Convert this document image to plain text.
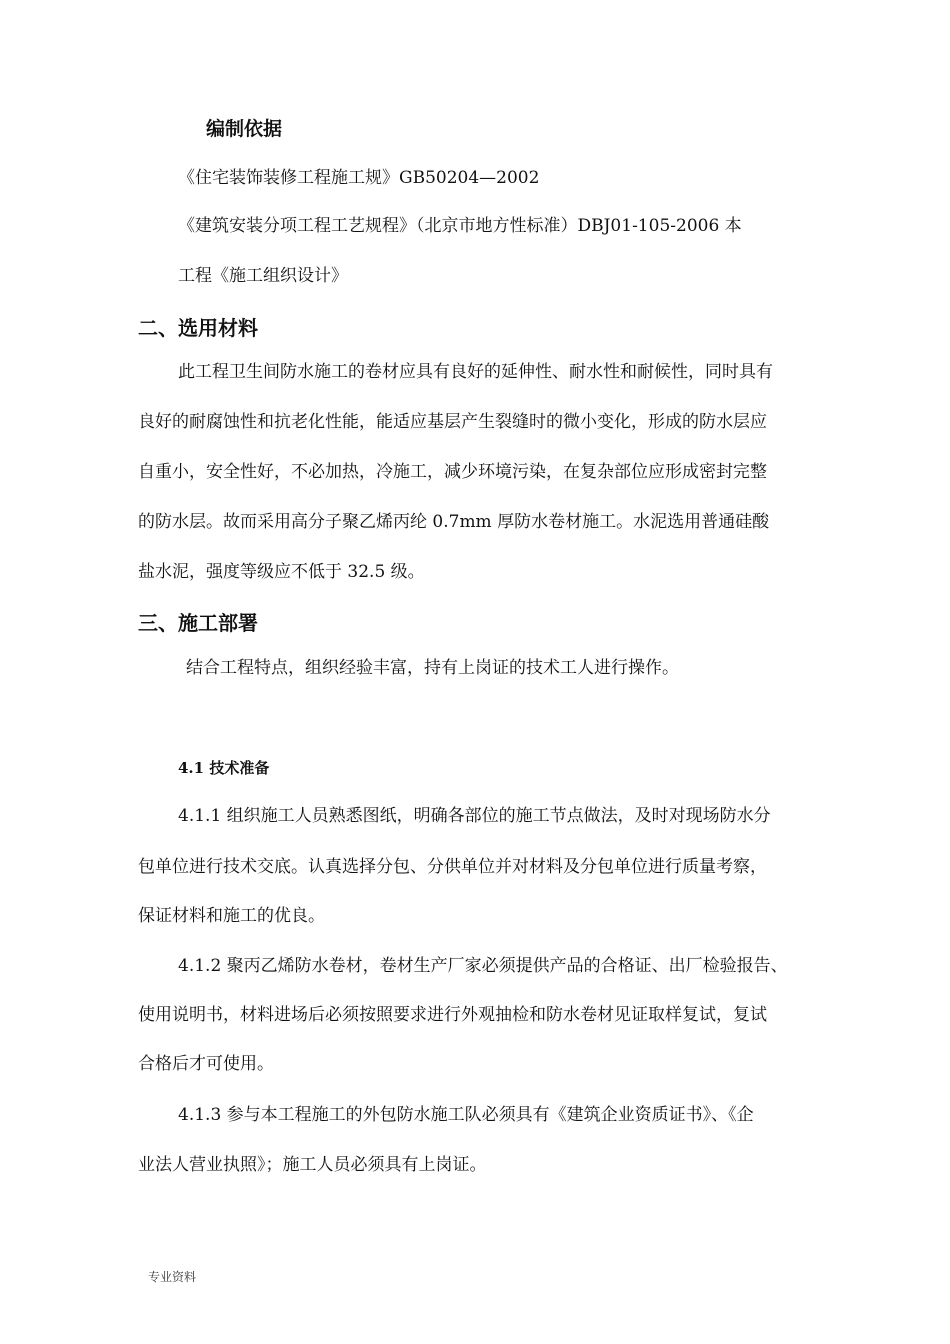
编制依据
《住宅装饰装修工程施工规》GB50204—2002
《建筑安装分项工程工艺规程》（北京市地方性标准）DBJ01-105-2006 本
工程《施工组织设计》
二、选用材料
此工程卫生间防水施工的卷材应具有良好的延伸性、耐水性和耐候性，同时具有
良好的耐腐蚀性和抗老化性能，能适应基层产生裂缝时的微小变化，形成的防水层应
自重小，安全性好，不必加热，冷施工，减少环境污染，在复杂部位应形成密封完整
的防水层。故而采用高分子聚乙烯丙纶 0.7mm 厚防水卷材施工。水泥选用普通硅酸
盐水泥，强度等级应不低于 32.5 级。
三、施工部署
结合工程特点，组织经验丰富，持有上岗证的技术工人进行操作。
4.1 技术准备
4.1.1 组织施工人员熟悉图纸，明确各部位的施工节点做法，及时对现场防水分
包单位进行技术交底。认真选择分包、分供单位并对材料及分包单位进行质量考察，
保证材料和施工的优良。
4.1.2 聚丙乙烯防水卷材，卷材生产厂家必须提供产品的合格证、出厂检验报告、
使用说明书，材料进场后必须按照要求进行外观抽检和防水卷材见证取样复试，复试
合格后才可使用。
4.1.3 参与本工程施工的外包防水施工队必须具有《建筑企业资质证书》、《企
业法人营业执照》；施工人员必须具有上岗证。
专业资料
